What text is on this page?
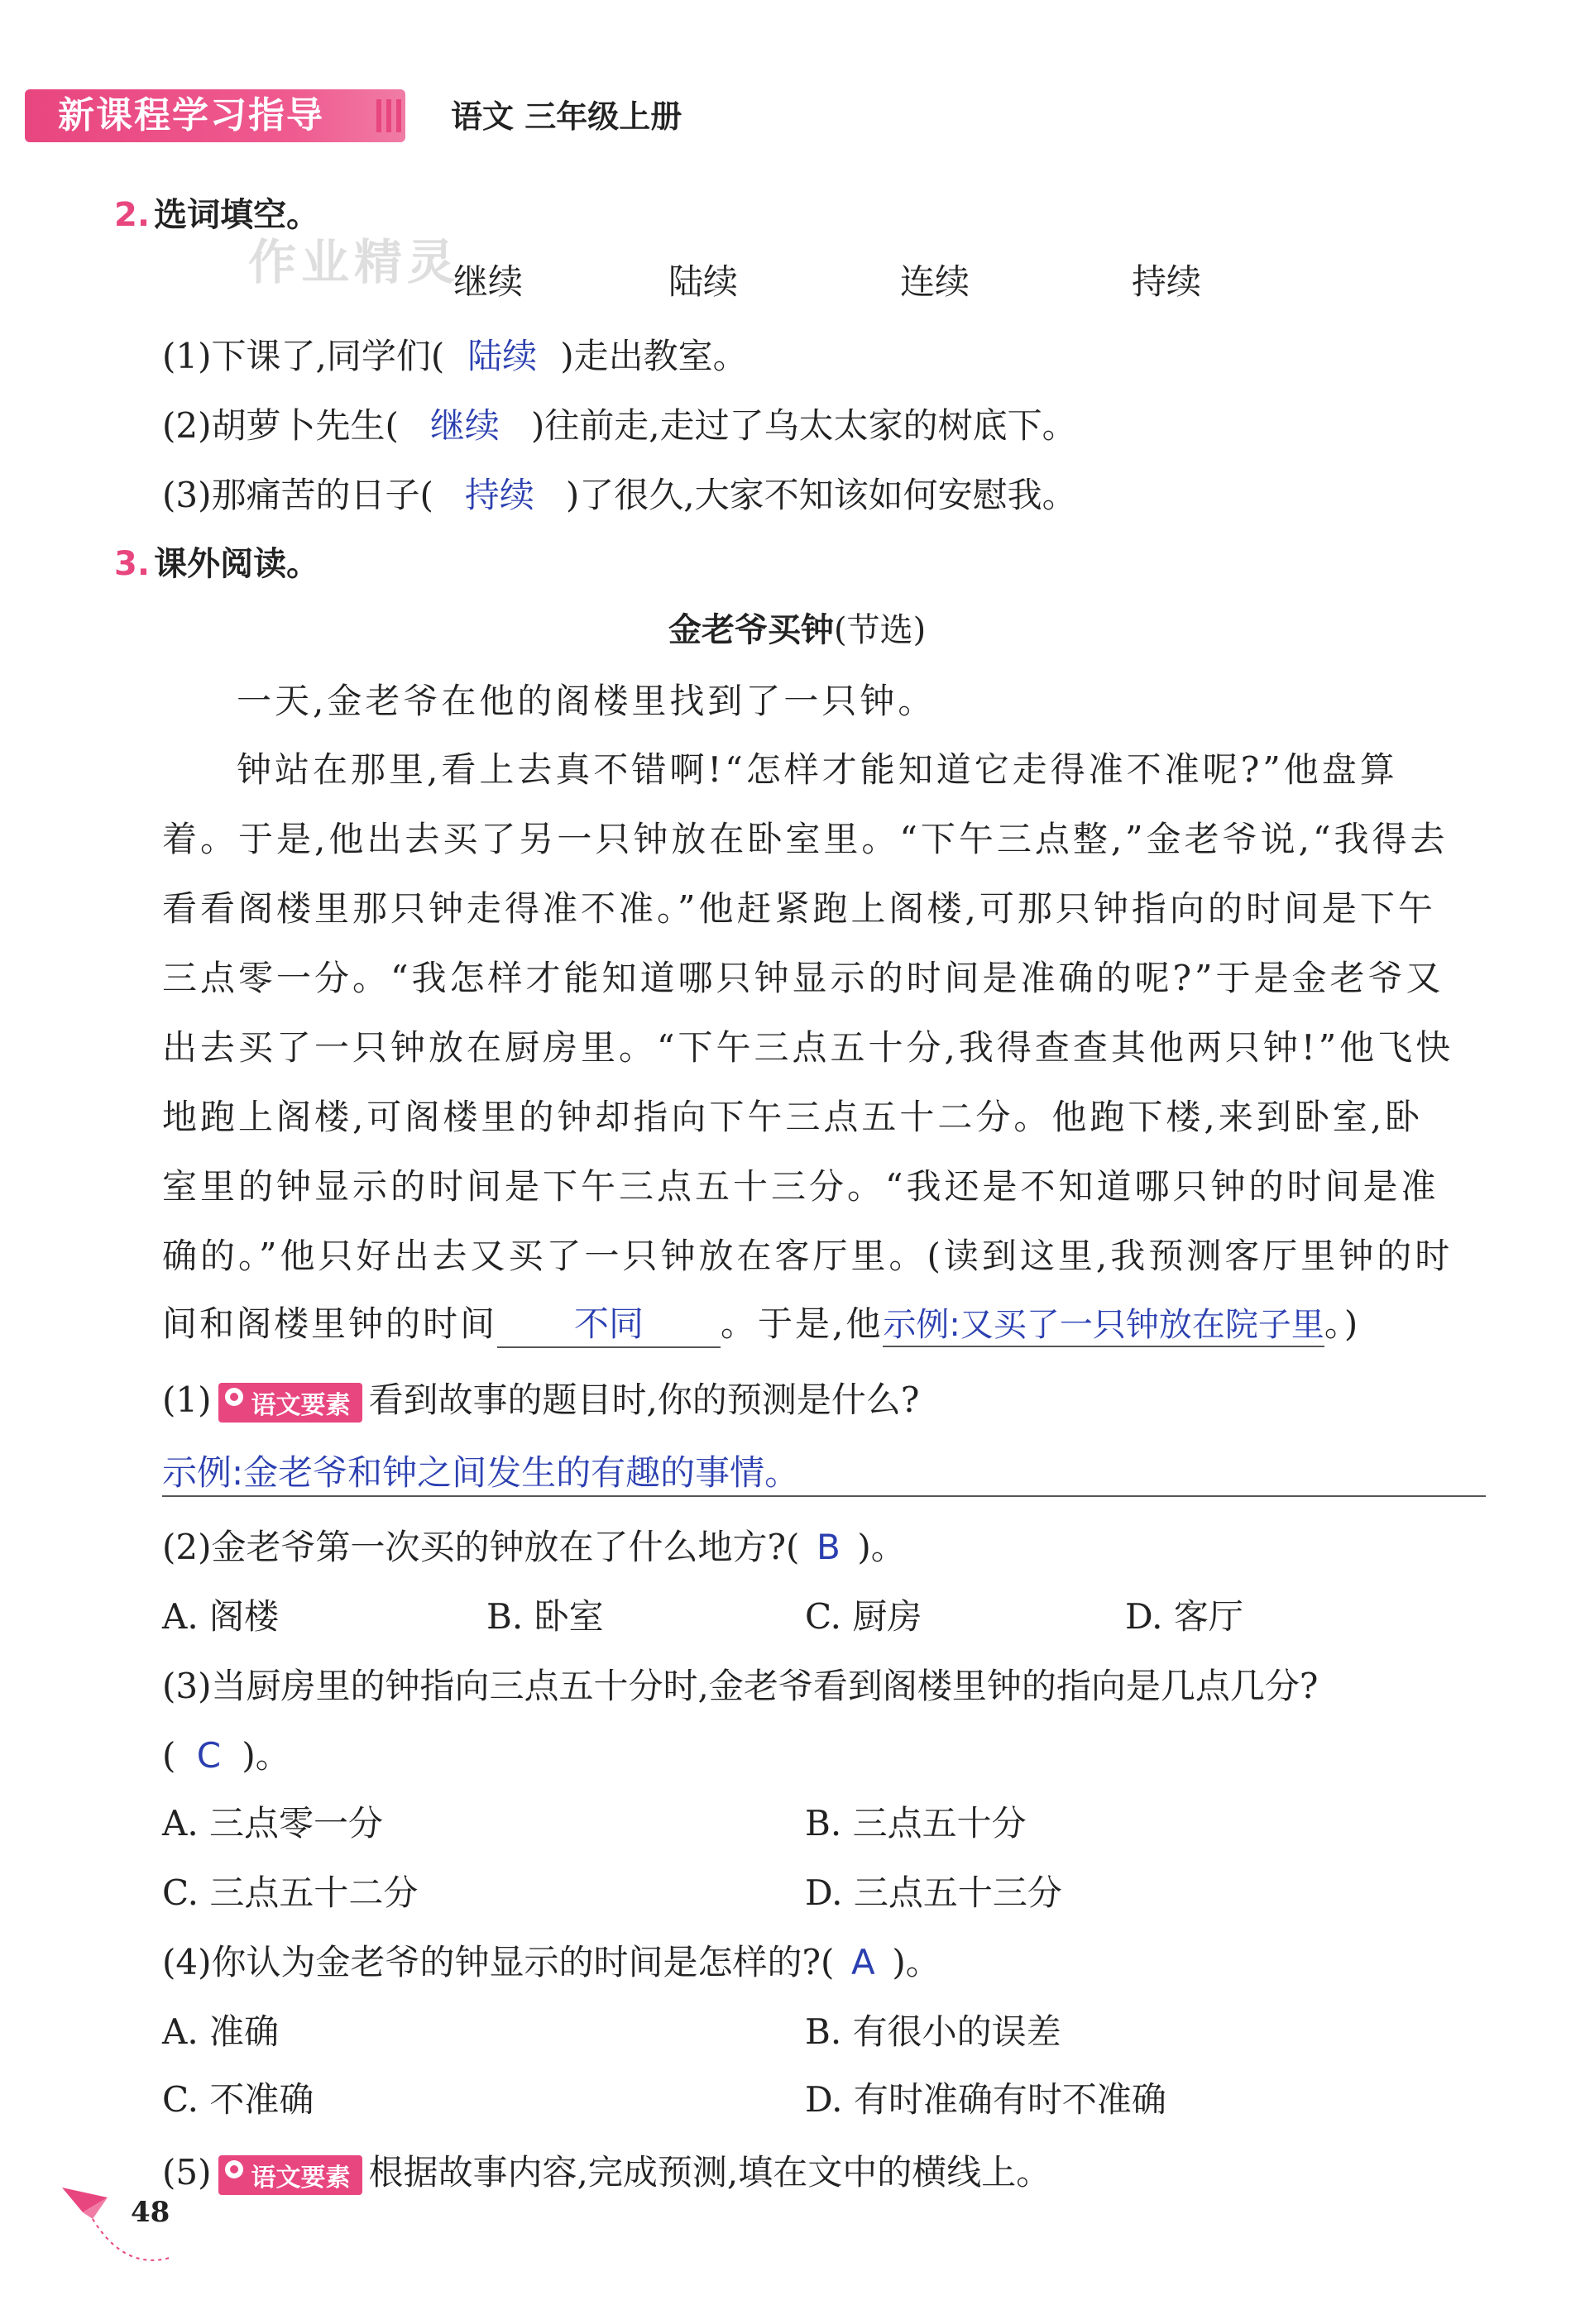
新课程学习指导	语文 三年级上册
作业精灵
2. 选词填空。
继续	陆续	连续	持续
(1)下课了,同学们( 陆续 )走出教室。
(2)胡萝卜先生( 继续 )往前走,走过了乌太太家的树底下。
(3)那痛苦的日子( 持续 )了很久,大家不知该如何安慰我。
3. 课外阅读。
金老爷买钟(节选)
一天,金老爷在他的阁楼里找到了一只钟。
钟站在那里,看上去真不错啊!“怎样才能知道它走得准不准呢?”他盘算
着。于是,他出去买了另一只钟放在卧室里。“下午三点整,”金老爷说,“我得去
看看阁楼里那只钟走得准不准。”他赶紧跑上阁楼,可那只钟指向的时间是下午
三点零一分。“我怎样才能知道哪只钟显示的时间是准确的呢?”于是金老爷又
出去买了一只钟放在厨房里。“下午三点五十分,我得查查其他两只钟!”他飞快
地跑上阁楼,可阁楼里的钟却指向下午三点五十二分。他跑下楼,来到卧室,卧
室里的钟显示的时间是下午三点五十三分。“我还是不知道哪只钟的时间是准
确的。”他只好出去又买了一只钟放在客厅里。(读到这里,我预测客厅里钟的时
间和阁楼里钟的时间 不同 。于是,他示例:又买了一只钟放在院子里。)
(1) 语文要素 看到故事的题目时,你的预测是什么?
示例:金老爷和钟之间发生的有趣的事情。
(2)金老爷第一次买的钟放在了什么地方?( B )。
A. 阁楼	B. 卧室	C. 厨房	D. 客厅
(3)当厨房里的钟指向三点五十分时,金老爷看到阁楼里钟的指向是几点几分?
( C )。
A. 三点零一分	B. 三点五十分
C. 三点五十二分	D. 三点五十三分
(4)你认为金老爷的钟显示的时间是怎样的?( A )。
A. 准确	B. 有很小的误差
C. 不准确	D. 有时准确有时不准确
(5) 语文要素 根据故事内容,完成预测,填在文中的横线上。
48
